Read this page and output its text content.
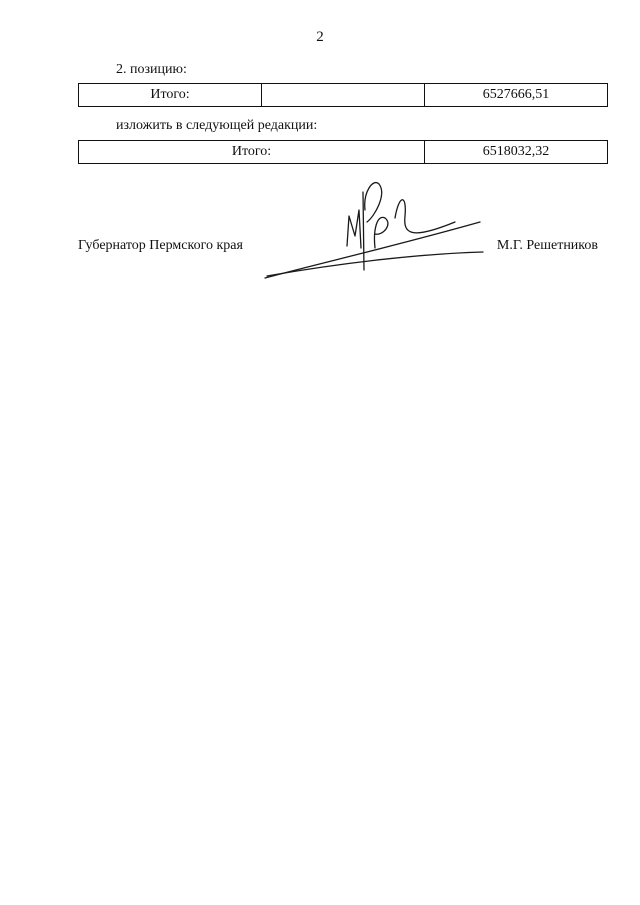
2
2. позицию:
Итого:		6527666,51
изложить в следующей редакции:
Итого:	6518032,32
Губернатор Пермского края	М.Г. Решетников
